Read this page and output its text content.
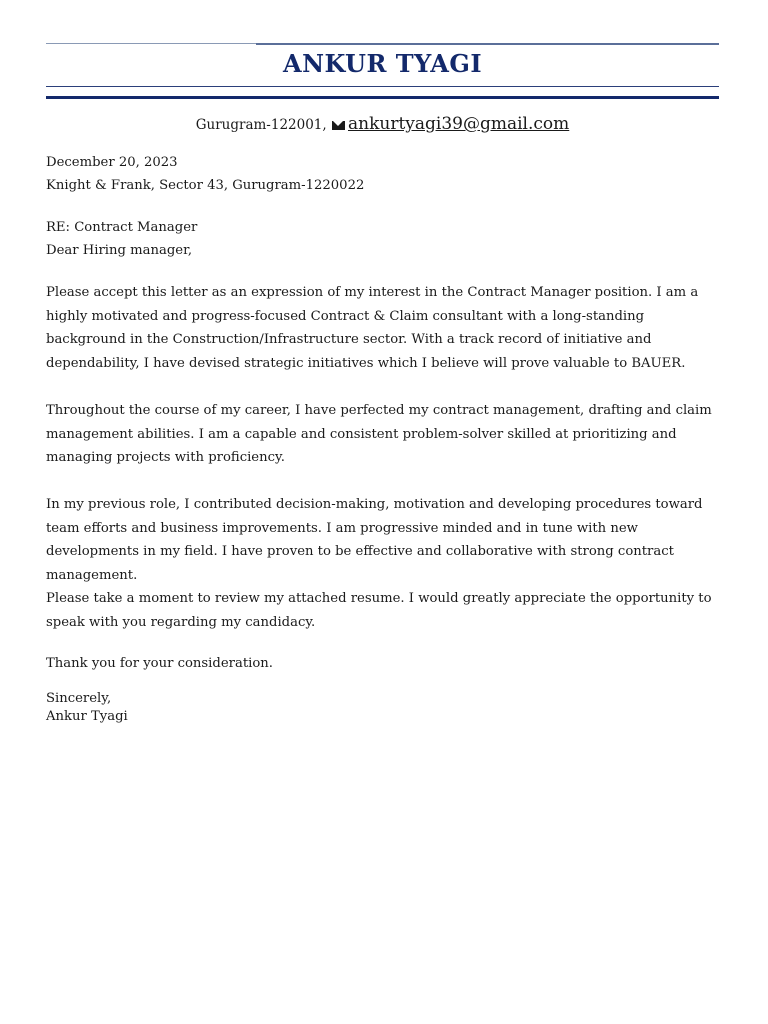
ANKUR TYAGI
Gurugram-122001, ankurtyagi39@gmail.com
December 20, 2023
Knight & Frank, Sector 43, Gurugram-1220022
RE: Contract Manager
Dear Hiring manager,
Please accept this letter as an expression of my interest in the Contract Manager position. I am a highly motivated and progress-focused Contract & Claim consultant with a long-standing background in the Construction/Infrastructure sector. With a track record of initiative and dependability, I have devised strategic initiatives which I believe will prove valuable to BAUER.
Throughout the course of my career, I have perfected my contract management, drafting and claim management abilities. I am a capable and consistent problem-solver skilled at prioritizing and managing projects with proficiency.
In my previous role, I contributed decision-making, motivation and developing procedures toward team efforts and business improvements. I am progressive minded and in tune with new developments in my field. I have proven to be effective and collaborative with strong contract management.
Please take a moment to review my attached resume. I would greatly appreciate the opportunity to speak with you regarding my candidacy.
Thank you for your consideration.
Sincerely,
Ankur Tyagi
